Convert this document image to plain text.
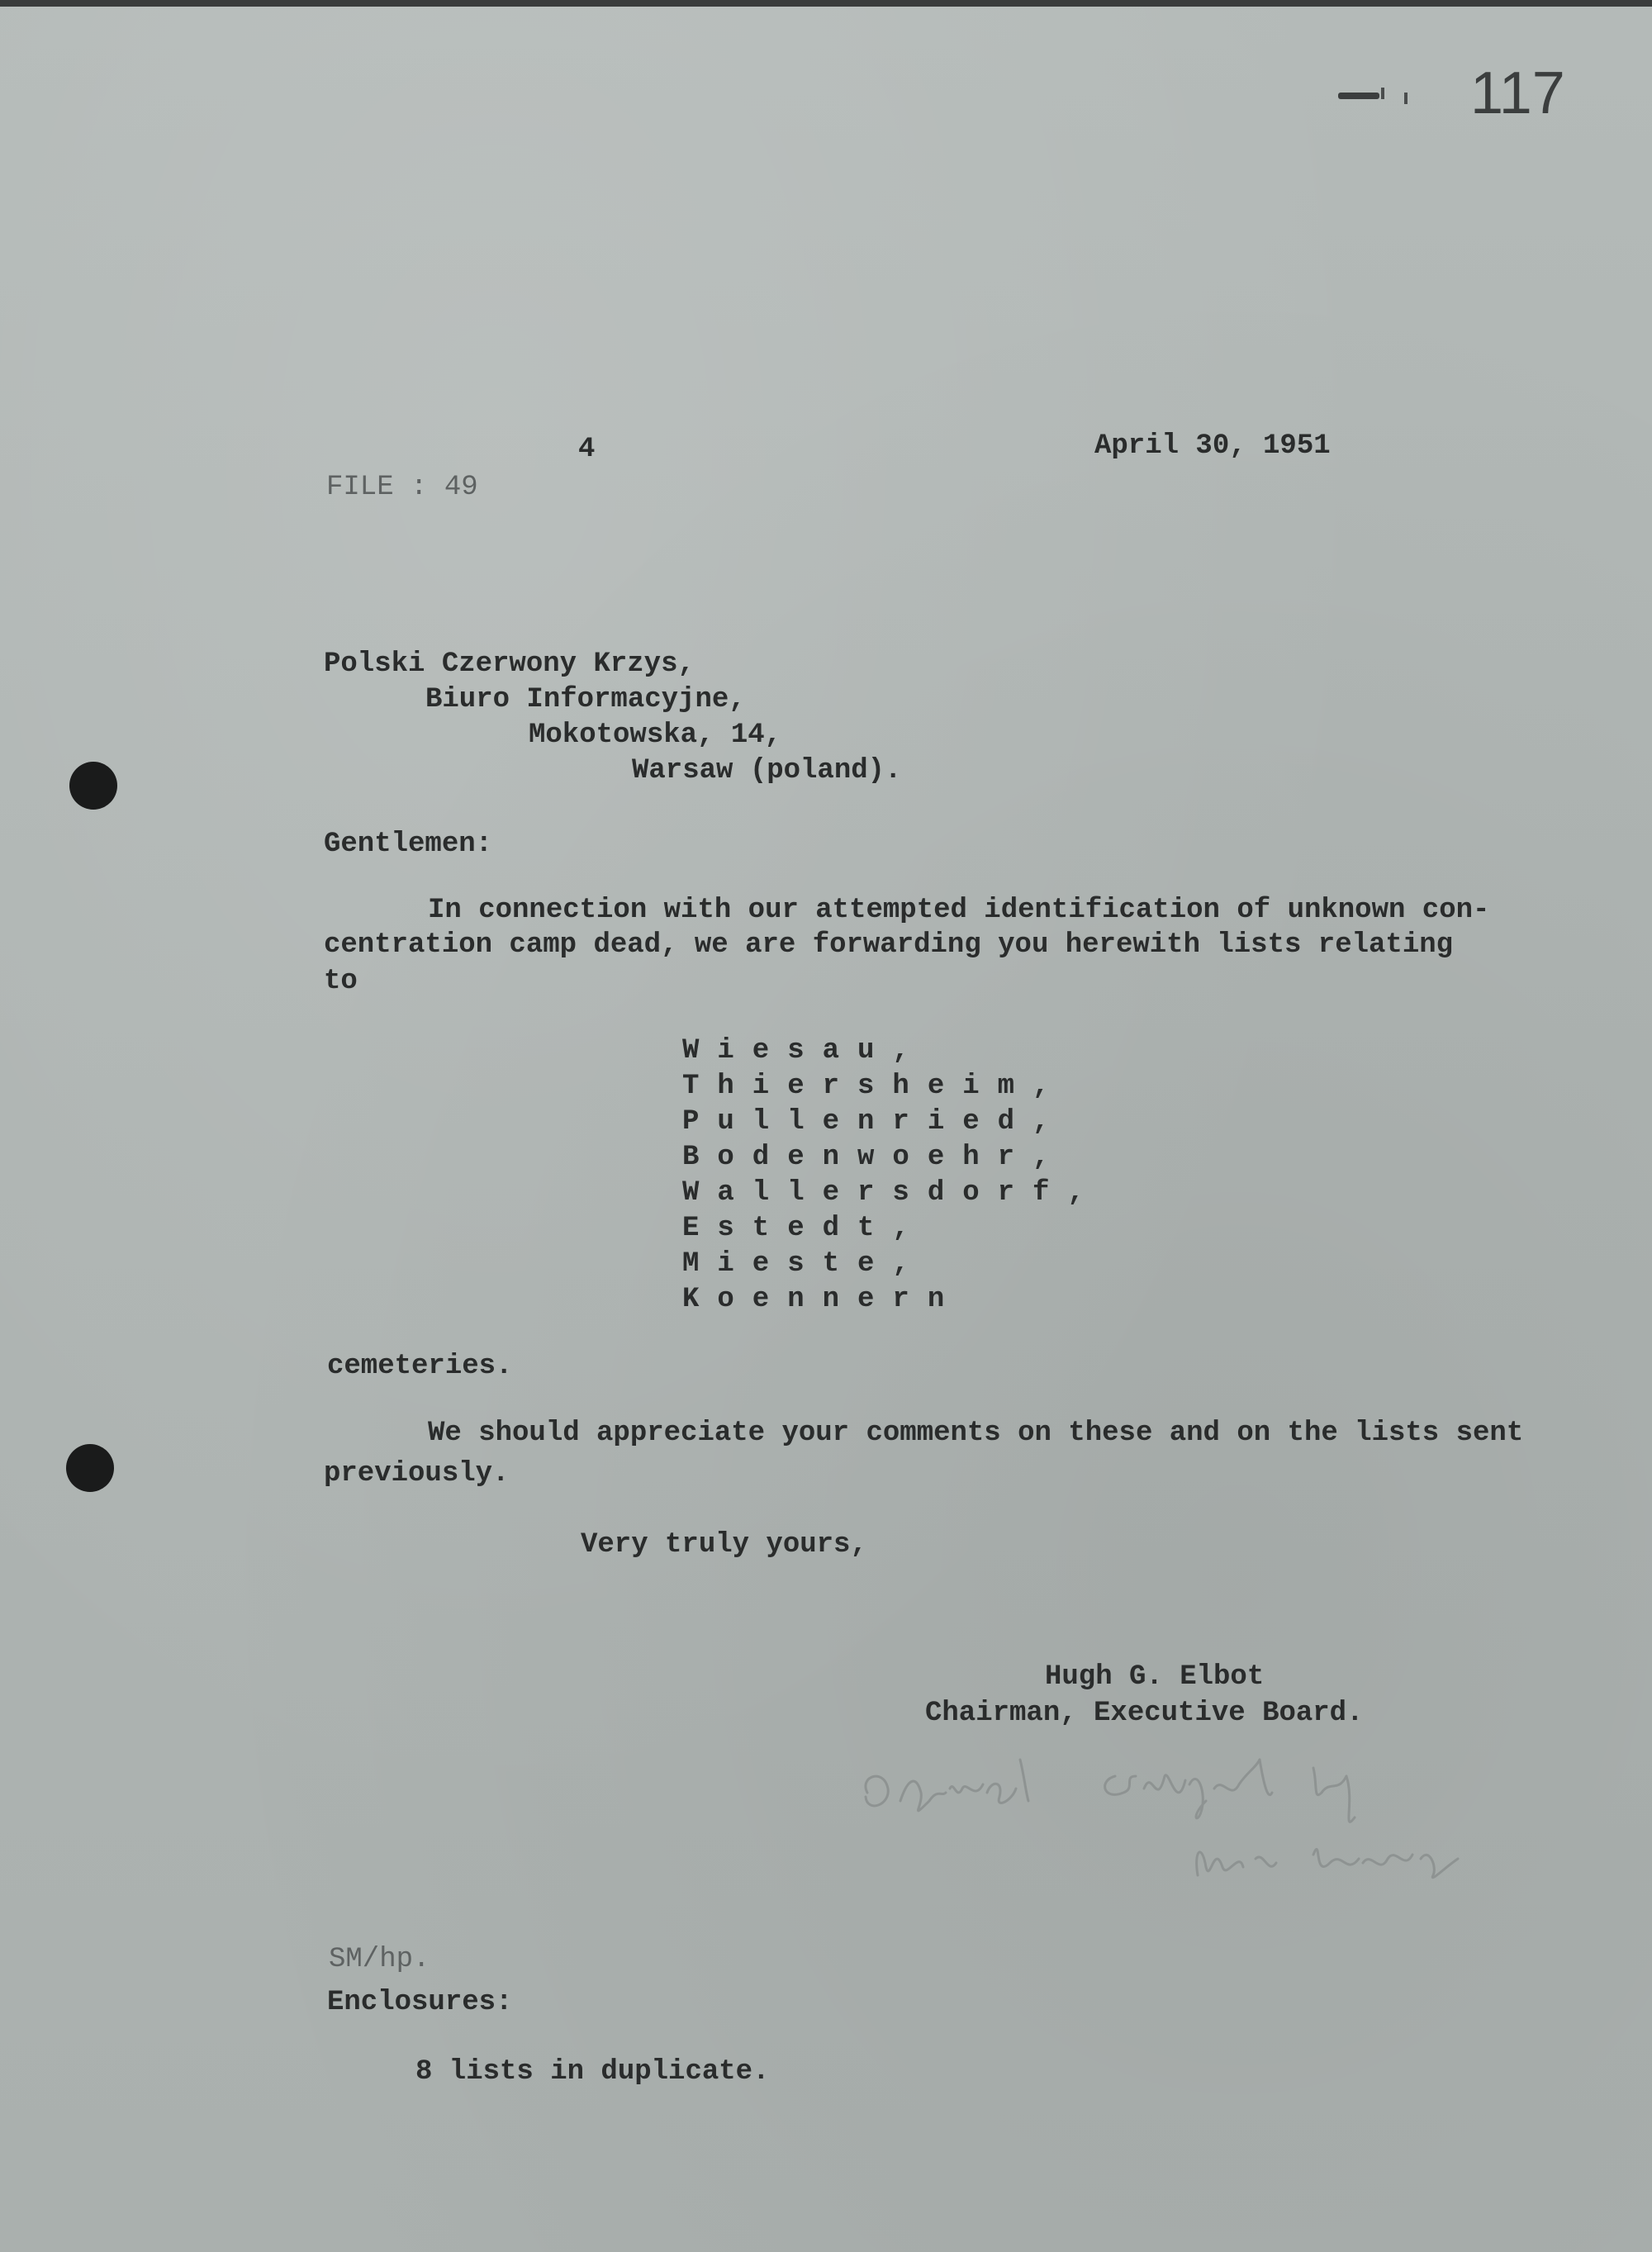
117
4
FILE : 49
April 30, 1951
Polski Czerwony Krzys,
Biuro Informacyjne,
Mokotowska, 14,
Warsaw (poland).
Gentlemen:
In connection with our attempted identification of unknown con-
centration camp dead, we are forwarding you herewith lists relating
to
Wiesau,
Thiersheim,
Pullenried,
Bodenwoehr,
Wallersdorf,
Estedt,
Mieste,
Koennern
cemeteries.
We should appreciate your comments on these and on the lists sent
previously.
Very truly yours,
Hugh G. Elbot
Chairman, Executive Board.
SM/hp.
Enclosures:
8 lists in duplicate.
